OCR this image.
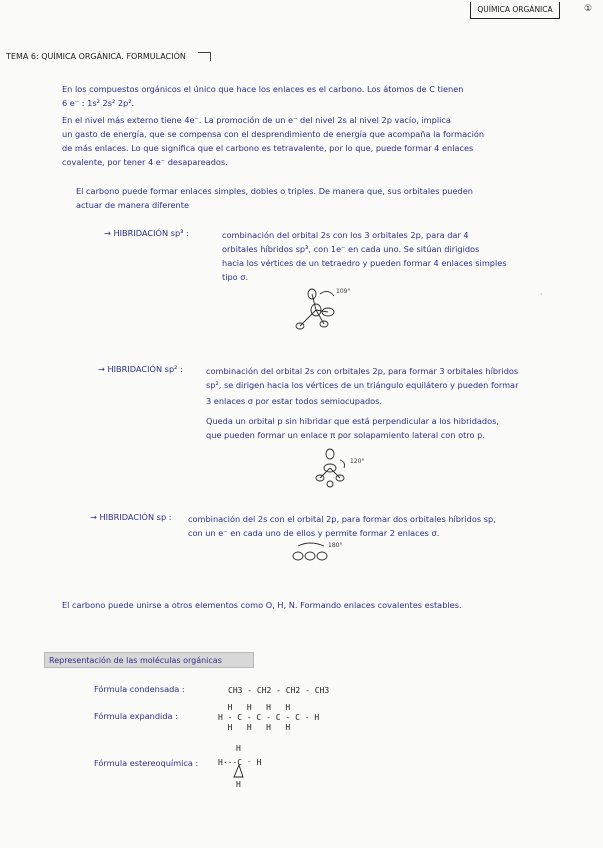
QUÍMICA ORGÁNICA	①
TEMA 6: QUÍMICA ORGÁNICA. FORMULACIÓN
En los compuestos orgánicos el único que hace los enlaces es el carbono. Los átomos de C tienen
6 e⁻ : 1s² 2s² 2p².
En el nivel más externo tiene 4e⁻. La promoción de un e⁻ del nivel 2s al nivel 2p vacío, implica
un gasto de energía, que se compensa con el desprendimiento de energía que acompaña la formación
de más enlaces. Lo que significa que el carbono es tetravalente, por lo que, puede formar 4 enlaces
covalente, por tener 4 e⁻ desapareados.
El carbono puede formar enlaces simples, dobles o triples. De manera que, sus orbitales pueden
actuar de manera diferente
→ HIBRIDACIÓN sp³ :	combinación del orbital 2s con los 3 orbitales 2p, para dar 4
orbitales híbridos sp³, con 1e⁻ en cada uno. Se sitúan dirigidos
hacia los vértices de un tetraedro y pueden formar 4 enlaces simples
tipo σ.
109°	·
→ HIBRIDACIÓN sp² :	combinación del orbital 2s con orbitales 2p, para formar 3 orbitales híbridos
sp², se dirigen hacia los vértices de un triángulo equilátero y pueden formar
3 enlaces σ por estar todos semiocupados.
Queda un orbital p sin hibridar que está perpendicular a los hibridados,
que pueden formar un enlace π por solapamiento lateral con otro p.
120°
→ HIBRIDACIÓN sp : combinación del 2s con el orbital 2p, para formar dos orbitales híbridos sp,
con un e⁻ en cada uno de ellos y permite formar 2 enlaces σ.
180°
El carbono puede unirse a otros elementos como O, H, N. Formando enlaces covalentes estables.
Representación de las moléculas orgánicas
Fórmula condensada :	CH3 - CH2 - CH2 - CH3
Fórmula expandida :
H   H   H   H
H - C - C - C - C - H
H   H   H   H
Fórmula estereoquímica :
H
H···C ⁻ H
H
